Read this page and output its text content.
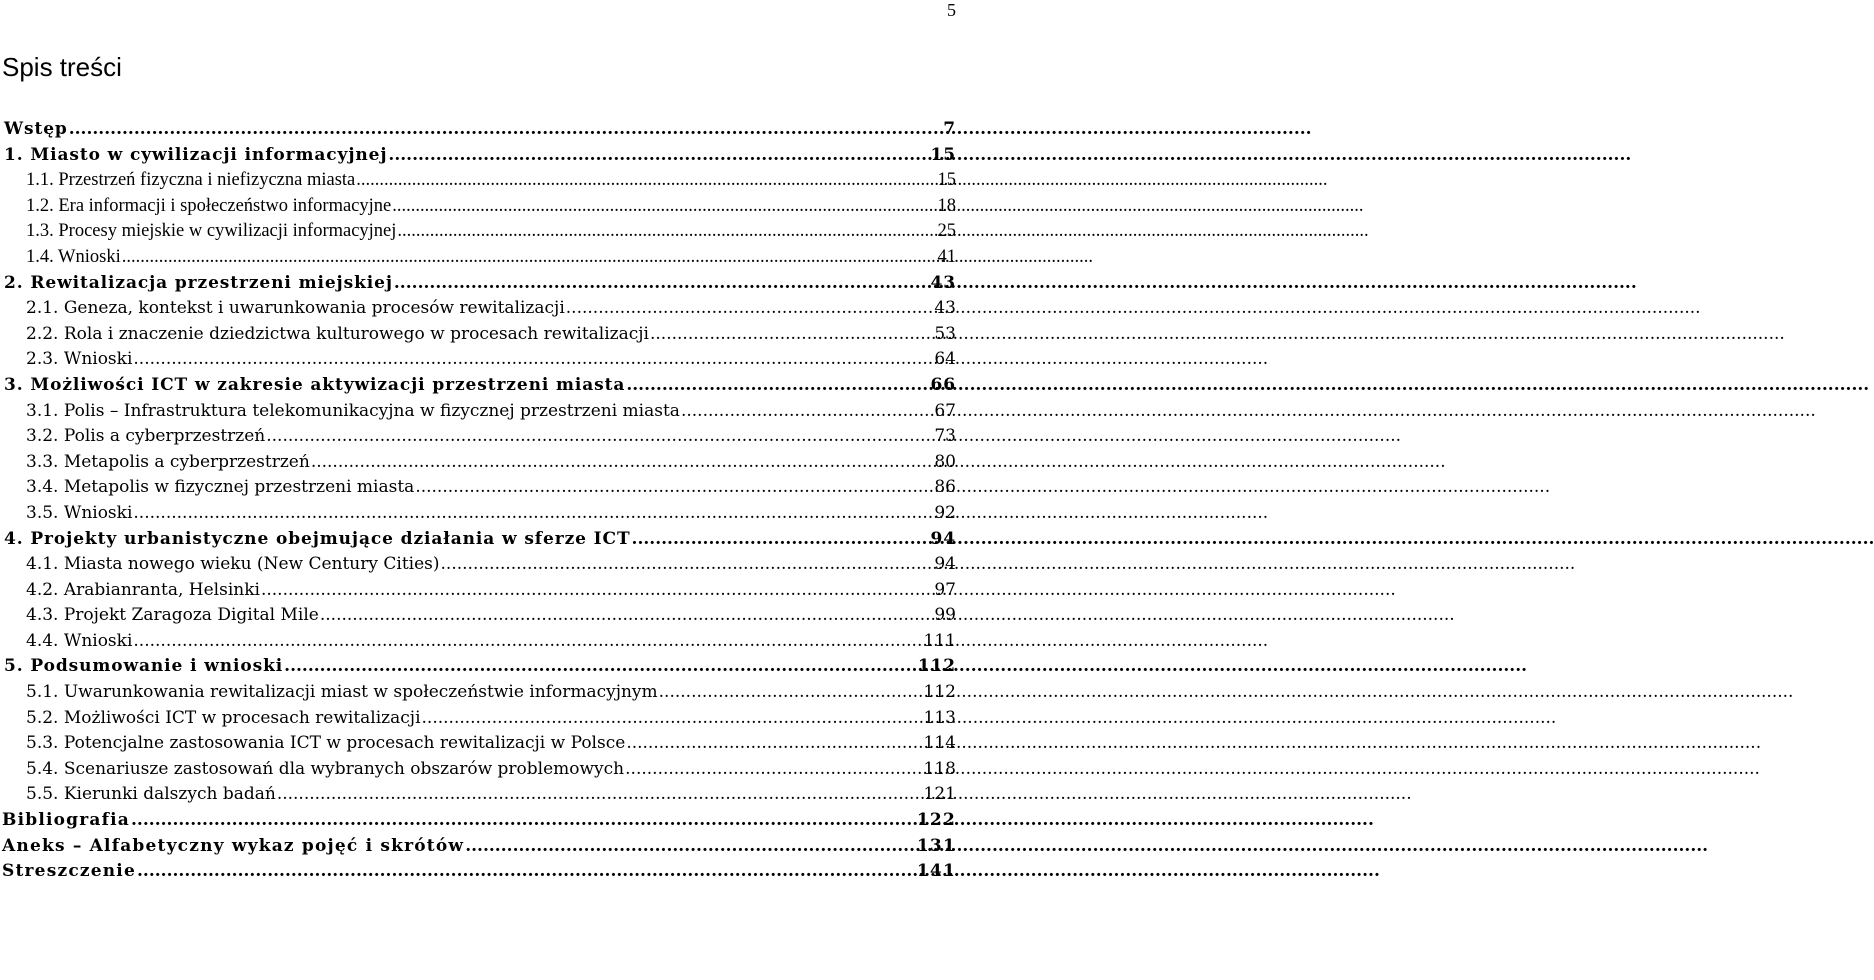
5
Spis treści
Wstęp .....	7
1. Miasto w cywilizacji informacyjnej .....	15
1.1. Przestrzeń fizyczna i niefizyczna miasta .....	15
1.2. Era informacji i społeczeństwo informacyjne .....	18
1.3. Procesy miejskie w cywilizacji informacyjnej .....	25
1.4. Wnioski .....	41
2. Rewitalizacja przestrzeni miejskiej .....	43
2.1. Geneza, kontekst i uwarunkowania procesów rewitalizacji .....	43
2.2. Rola i znaczenie dziedzictwa kulturowego w procesach rewitalizacji .....	53
2.3. Wnioski .....	64
3. Możliwości ICT w zakresie aktywizacji przestrzeni miasta .....	66
3.1. Polis – Infrastruktura telekomunikacyjna w fizycznej przestrzeni miasta .....	67
3.2. Polis a cyberprzestrzeń .....	73
3.3. Metapolis a cyberprzestrzeń .....	80
3.4. Metapolis w fizycznej przestrzeni miasta .....	86
3.5. Wnioski .....	92
4. Projekty urbanistyczne obejmujące działania w sferze ICT .....	94
4.1. Miasta nowego wieku (New Century Cities) .....	94
4.2. Arabianranta, Helsinki .....	97
4.3. Projekt Zaragoza Digital Mile .....	99
4.4. Wnioski .....	111
5. Podsumowanie i wnioski .....	112
5.1. Uwarunkowania rewitalizacji miast w społeczeństwie informacyjnym .....	112
5.2. Możliwości ICT w procesach rewitalizacji .....	113
5.3. Potencjalne zastosowania ICT w procesach rewitalizacji w Polsce .....	114
5.4. Scenariusze zastosowań dla wybranych obszarów problemowych .....	118
5.5. Kierunki dalszych badań .....	121
Bibliografia .....	122
Aneks – Alfabetyczny wykaz pojęć i skrótów .....	131
Streszczenie .....	141
